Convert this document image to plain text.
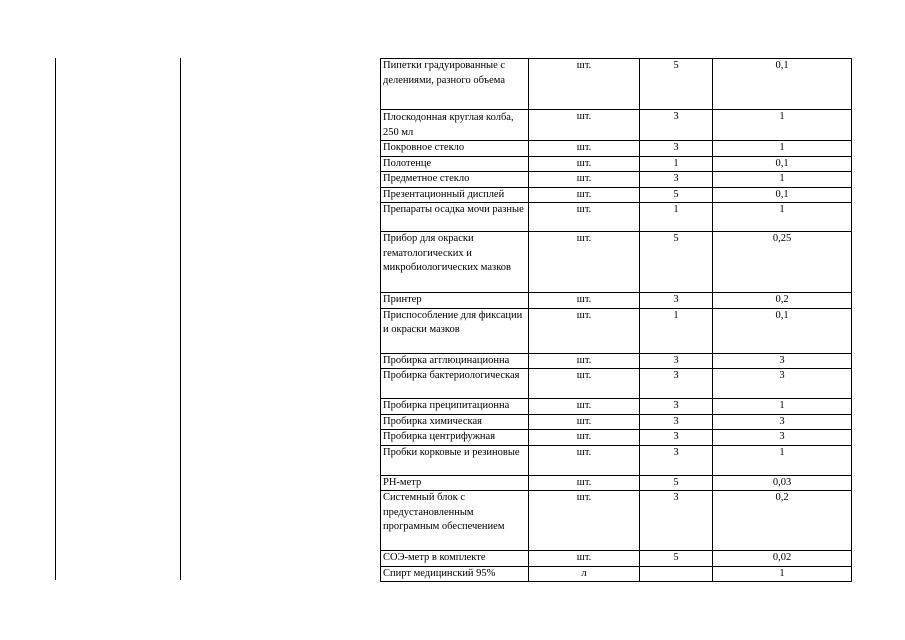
Пипетки градуированные с делениями, разного объема	шт.	5	0,1
Плоскодонная круглая колба, 250 мл	шт.	3	1
Покровное стекло	шт.	3	1
Полотенце	шт.	1	0,1
Предметное стекло	шт.	3	1
Презентационный дисплей	шт.	5	0,1
Препараты осадка мочи разные	шт.	1	1
Прибор для окраски гематологических и микробиологических мазков	шт.	5	0,25
Принтер	шт.	3	0,2
Приспособление для фиксации и окраски мазков	шт.	1	0,1
Пробирка агглюцинационна	шт.	3	3
Пробирка бактериологическая	шт.	3	3
Пробирка преципитационна	шт.	3	1
Пробирка химическая	шт.	3	3
Пробирка центрифужная	шт.	3	3
Пробки корковые и резиновые	шт.	3	1
PH-метр	шт.	5	0,03
Системный блок с предустановленным програмным обеспечением	шт.	3	0,2
СОЭ-метр в комплекте	шт.	5	0,02
Спирт медицинский 95%	л		1
